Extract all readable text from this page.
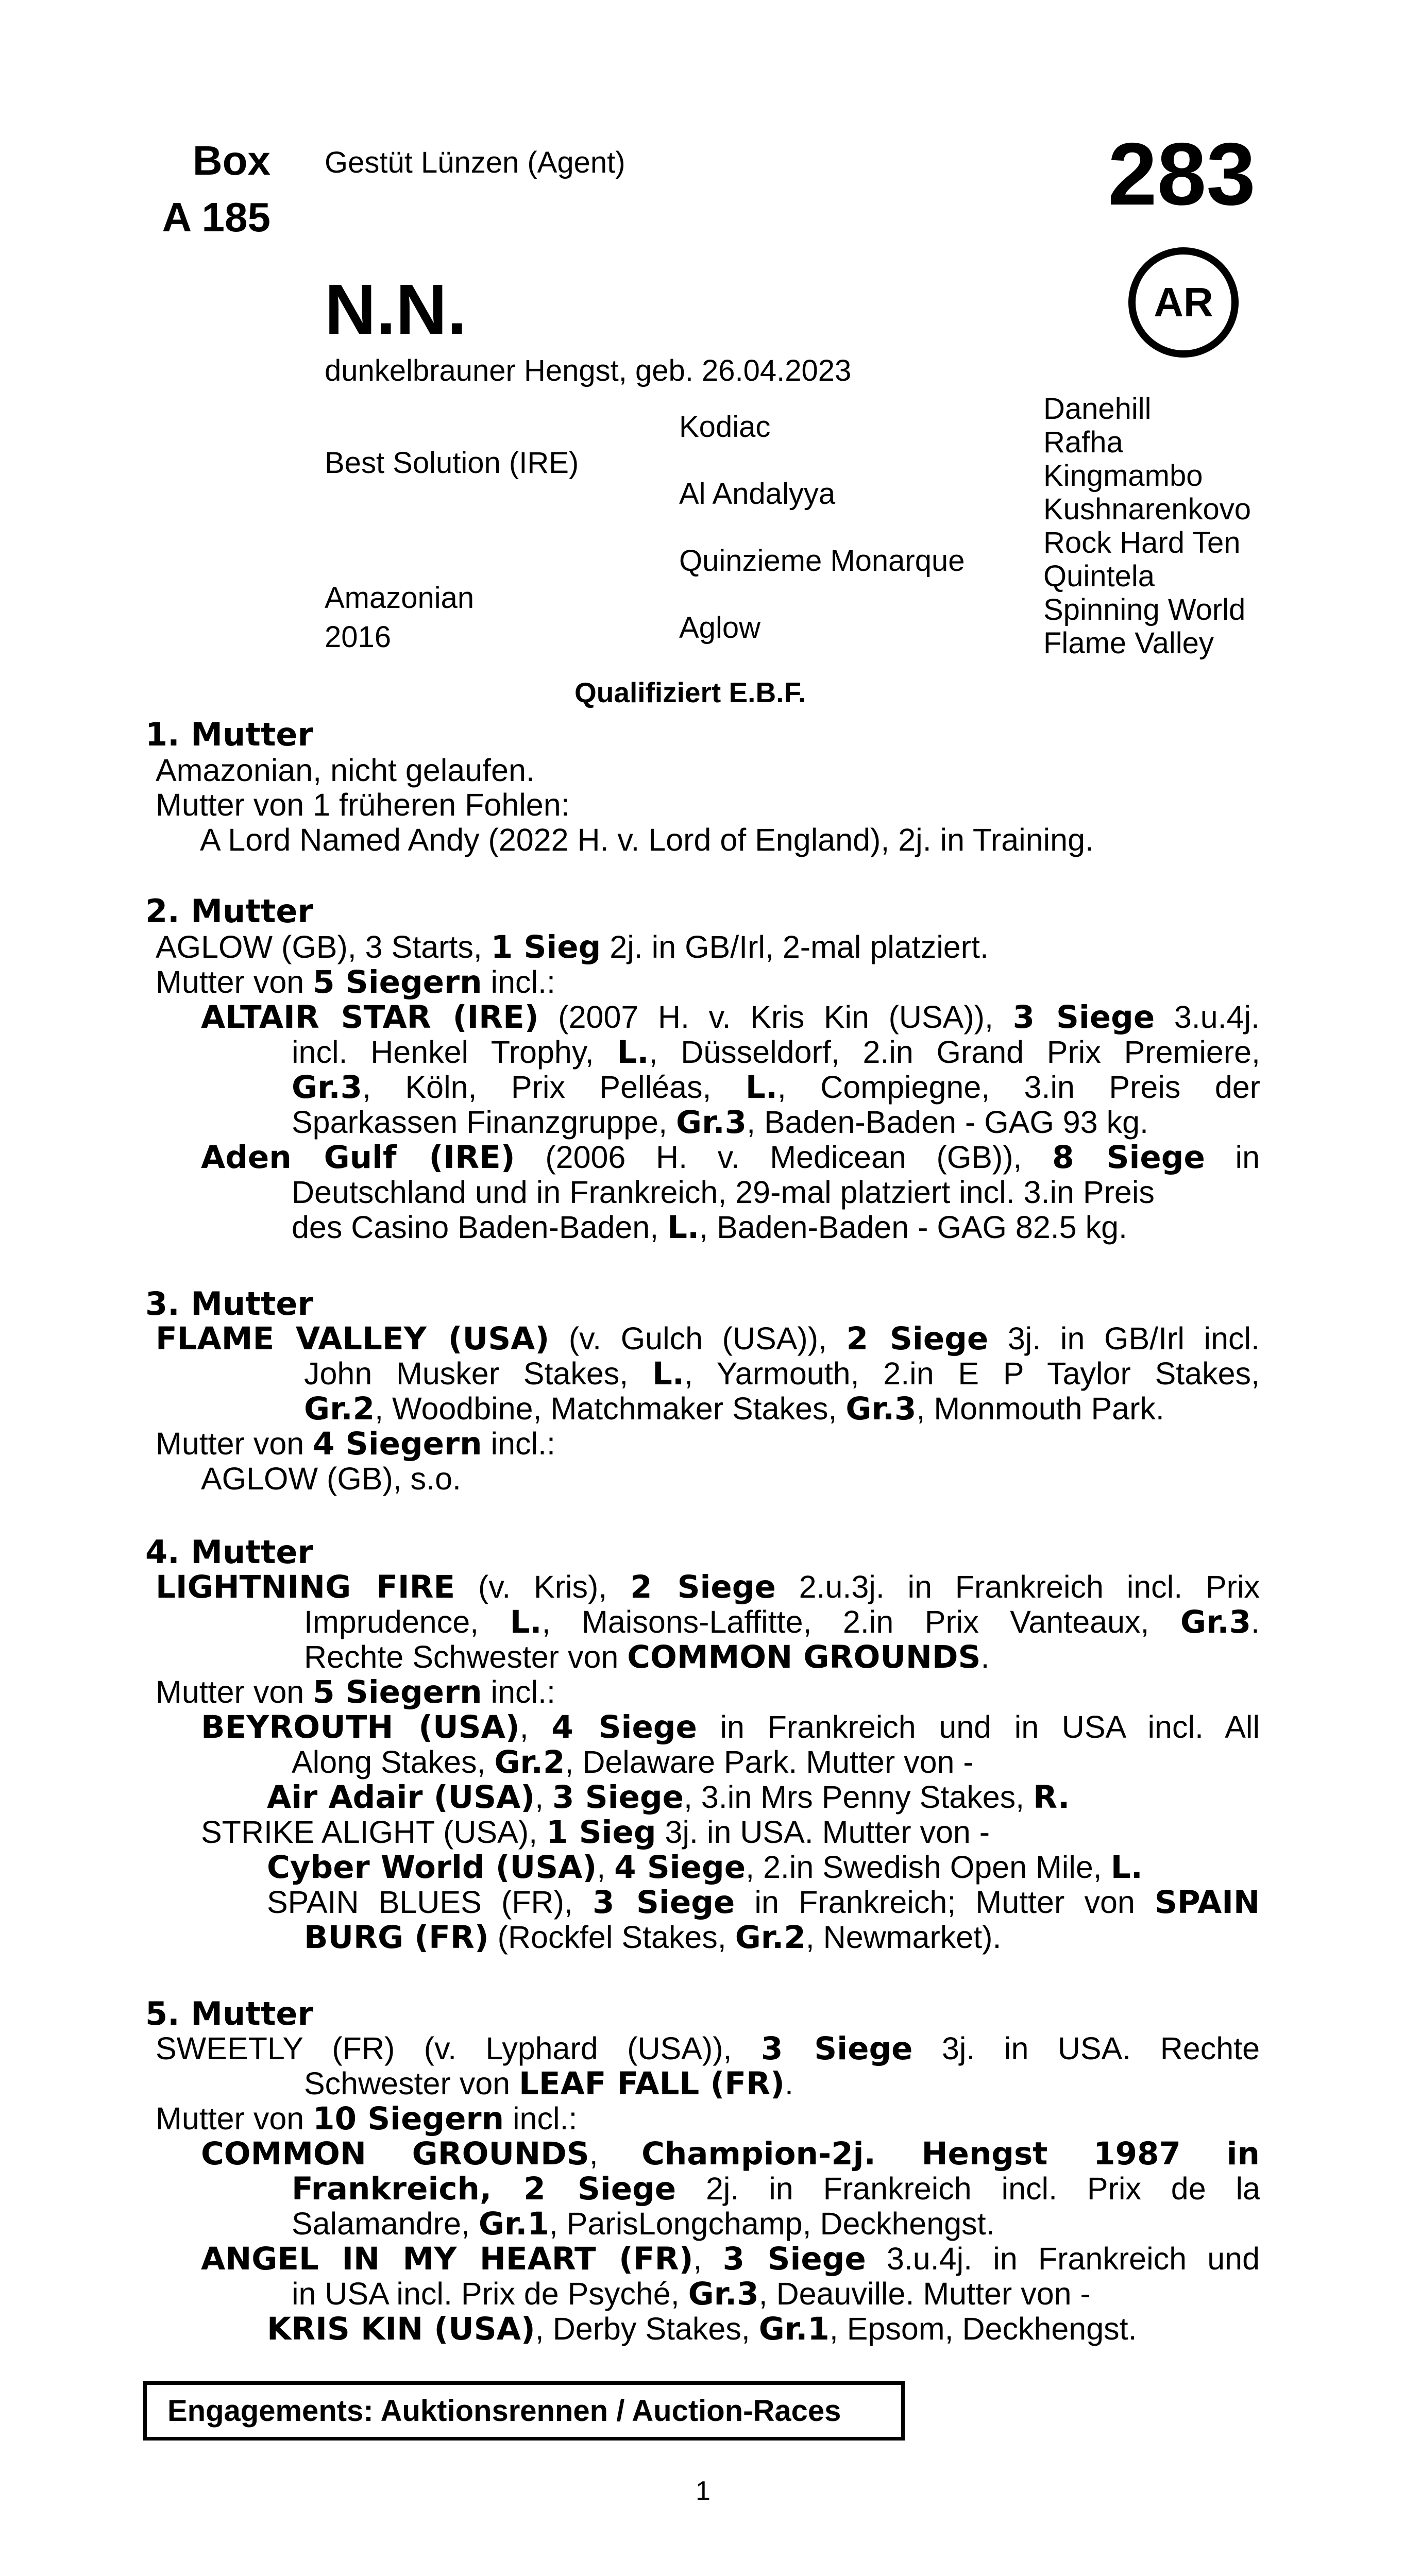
Box
A 185
Gestüt Lünzen (Agent)	283
AR
N.N.
dunkelbrauner Hengst, geb. 26.04.2023
Best Solution (IRE)
Amazonian
2016
Kodiac
Al Andalyya
Quinzieme Monarque
Aglow
Danehill
Rafha
Kingmambo
Kushnarenkovo
Rock Hard Ten
Quintela
Spinning World
Flame Valley
Qualifiziert E.B.F.
1. Mutter
Amazonian, nicht gelaufen.
Mutter von 1 früheren Fohlen:
A Lord Named Andy (2022 H. v. Lord of England), 2j. in Training.
2. Mutter
AGLOW (GB), 3 Starts, 1 Sieg 2j. in GB/Irl, 2-mal platziert.
Mutter von 5 Siegern incl.:
ALTAIR STAR (IRE) (2007 H. v. Kris Kin (USA)), 3 Siege 3.u.4j.
incl. Henkel Trophy, L., Düsseldorf, 2.in Grand Prix Premiere,
Gr.3, Köln, Prix Pelléas, L., Compiegne, 3.in Preis der
Sparkassen Finanzgruppe, Gr.3, Baden-Baden - GAG 93 kg.
Aden Gulf (IRE) (2006 H. v. Medicean (GB)), 8 Siege in
Deutschland und in Frankreich, 29-mal platziert incl. 3.in Preis
des Casino Baden-Baden, L., Baden-Baden - GAG 82.5 kg.
3. Mutter
FLAME VALLEY (USA) (v. Gulch (USA)), 2 Siege 3j. in GB/Irl incl.
John Musker Stakes, L., Yarmouth, 2.in E P Taylor Stakes,
Gr.2, Woodbine, Matchmaker Stakes, Gr.3, Monmouth Park.
Mutter von 4 Siegern incl.:
AGLOW (GB), s.o.
4. Mutter
LIGHTNING FIRE (v. Kris), 2 Siege 2.u.3j. in Frankreich incl. Prix
Imprudence, L., Maisons-Laffitte, 2.in Prix Vanteaux, Gr.3.
Rechte Schwester von COMMON GROUNDS.
Mutter von 5 Siegern incl.:
BEYROUTH (USA), 4 Siege in Frankreich und in USA incl. All
Along Stakes, Gr.2, Delaware Park. Mutter von -
Air Adair (USA), 3 Siege, 3.in Mrs Penny Stakes, R.
STRIKE ALIGHT (USA), 1 Sieg 3j. in USA. Mutter von -
Cyber World (USA), 4 Siege, 2.in Swedish Open Mile, L.
SPAIN BLUES (FR), 3 Siege in Frankreich; Mutter von SPAIN
BURG (FR) (Rockfel Stakes, Gr.2, Newmarket).
5. Mutter
SWEETLY (FR) (v. Lyphard (USA)), 3 Siege 3j. in USA. Rechte
Schwester von LEAF FALL (FR).
Mutter von 10 Siegern incl.:
COMMON GROUNDS, Champion-2j. Hengst 1987 in
Frankreich, 2 Siege 2j. in Frankreich incl. Prix de la
Salamandre, Gr.1, ParisLongchamp, Deckhengst.
ANGEL IN MY HEART (FR), 3 Siege 3.u.4j. in Frankreich und
in USA incl. Prix de Psyché, Gr.3, Deauville. Mutter von -
KRIS KIN (USA), Derby Stakes, Gr.1, Epsom, Deckhengst.
Engagements: Auktionsrennen / Auction-Races
1
